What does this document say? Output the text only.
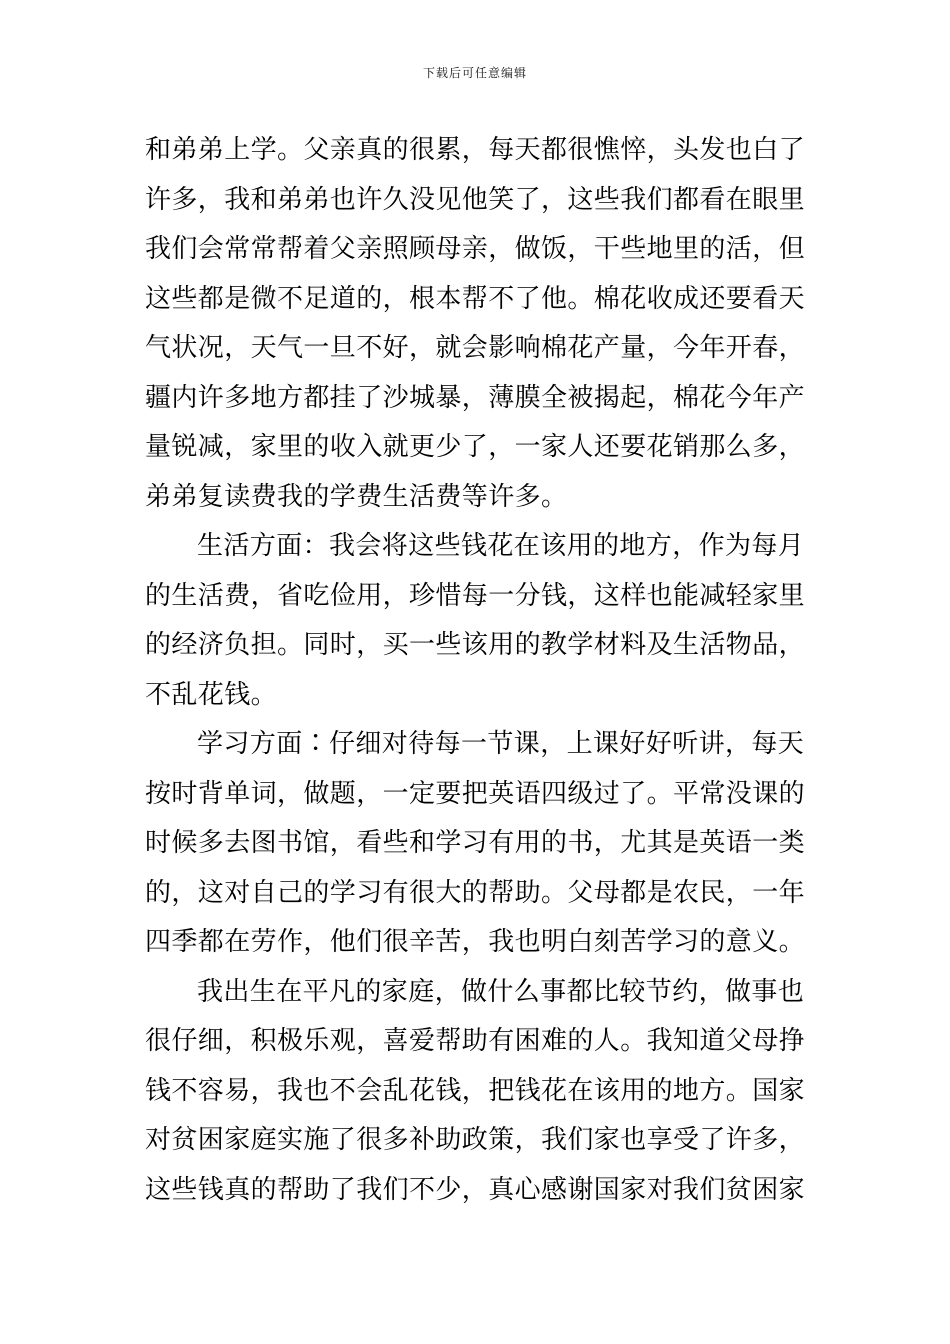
下载后可任意编辑
和弟弟上学。父亲真的很累，每天都很憔悴，头发也白了
许多，我和弟弟也许久没见他笑了，这些我们都看在眼里
我们会常常帮着父亲照顾母亲，做饭，干些地里的活，但
这些都是微不足道的，根本帮不了他。棉花收成还要看天
气状况，天气一旦不好，就会影响棉花产量，今年开春，
疆内许多地方都挂了沙城暴，薄膜全被揭起，棉花今年产
量锐减，家里的收入就更少了，一家人还要花销那么多，
弟弟复读费我的学费生活费等许多。
生活方面：我会将这些钱花在该用的地方，作为每月
的生活费，省吃俭用，珍惜每一分钱，这样也能减轻家里
的经济负担。同时，买一些该用的教学材料及生活物品，
不乱花钱。
学习方面∶仔细对待每一节课，上课好好听讲，每天
按时背单词，做题，一定要把英语四级过了。平常没课的
时候多去图书馆，看些和学习有用的书，尤其是英语一类
的，这对自己的学习有很大的帮助。父母都是农民，一年
四季都在劳作，他们很辛苦，我也明白刻苦学习的意义。
我出生在平凡的家庭，做什么事都比较节约，做事也
很仔细，积极乐观，喜爱帮助有困难的人。我知道父母挣
钱不容易，我也不会乱花钱，把钱花在该用的地方。国家
对贫困家庭实施了很多补助政策，我们家也享受了许多，
这些钱真的帮助了我们不少，真心感谢国家对我们贫困家
